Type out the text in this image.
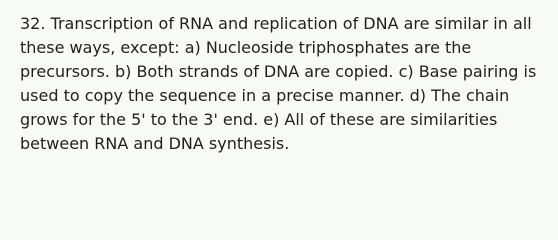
32. Transcription of RNA and replication of DNA are similar in all these ways, except: a) Nucleoside triphosphates are the precursors. b) Both strands of DNA are copied. c) Base pairing is used to copy the sequence in a precise manner. d) The chain grows for the 5' to the 3' end. e) All of these are similarities between RNA and DNA synthesis.
